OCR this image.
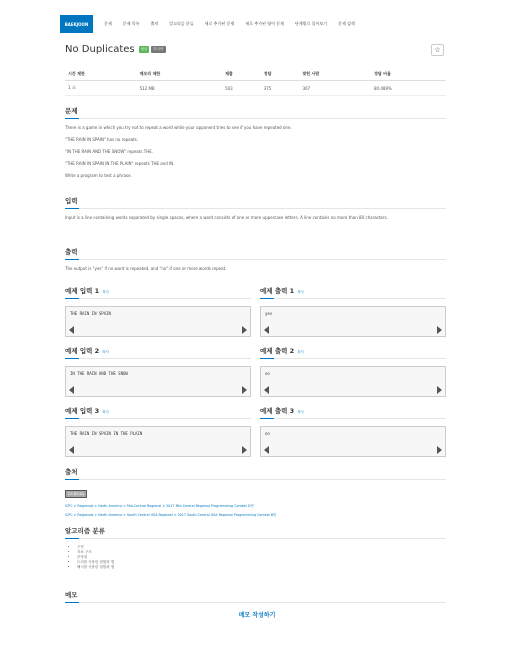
BAEKJOON	문제	문제 목록	출처	알고리즘 분류	새로 추가된 문제	새로 추가된 영어 문제	단계별로 풀어보기	문제 검색
No Duplicates	성공	다국어	☆
시간 제한	메모리 제한	제출	정답	맞힌 사람	정답 비율
1 초	512 MB	503	375	307	80.489%
문제

There is a game in which you try not to repeat a word while your opponent tries to see if you have repeated one.

"THE RAIN IN SPAIN" has no repeats.

"IN THE RAIN AND THE SNOW" repeats THE.

"THE RAIN IN SPAIN IN THE PLAIN" repeats THE and IN.

Write a program to test a phrase.

입력
Input is a line containing words separated by single spaces, where a word consists of one or more uppercase letters. A line contains no more than 80 characters.
출력
The output is "yes" if no word is repeated, and "no" if one or more words repeat.
예제 입력 1 복사
THE RAIN IN SPAIN
예제 출력 1 복사
yes
예제 입력 2 복사
IN THE RAIN AND THE SNOW
예제 출력 2 복사
no
예제 입력 3 복사
THE RAIN IN SPAIN IN THE PLAIN
예제 출력 3 복사
no
출처
CC BY-SA
ICPC > Regionals > North America > Mid-Central Regional > 2017 Mid-Central Regional Programming Contest D번
ICPC > Regionals > North America > South Central USA Regional > 2017 South Central USA Regional Programming Contest B번
알고리즘 분류
• 구현
• 자료 구조
• 문자열
• 트리를 사용한 집합과 맵
• 해시를 사용한 집합과 맵
메모
메모 작성하기
